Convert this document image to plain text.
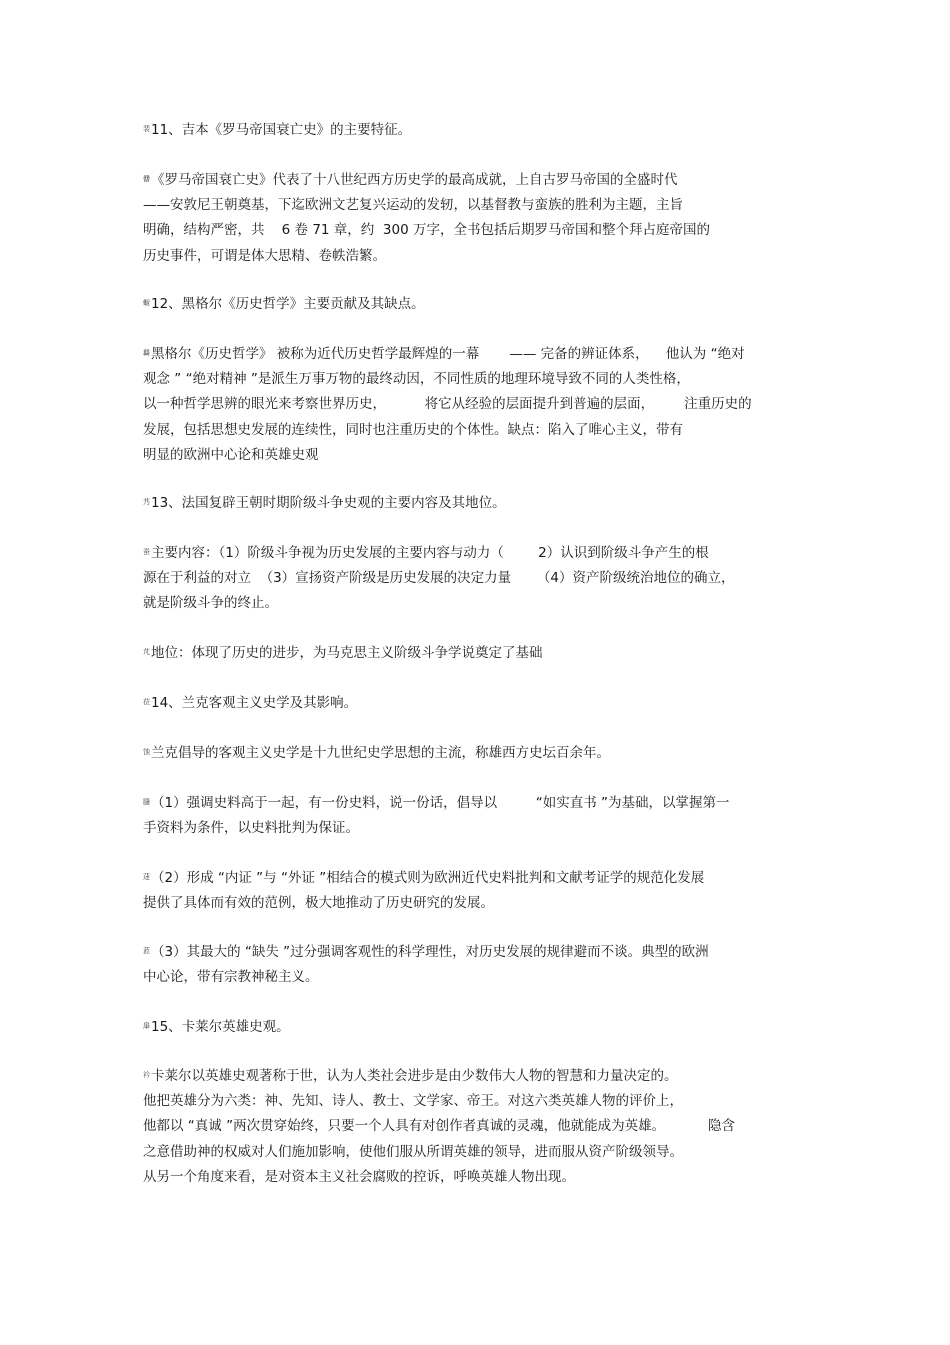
裴11、吉本《罗马帝国衰亡史》的主要特征。
羀《罗马帝国衰亡史》代表了十八世纪西方历史学的最高成就，上自古罗马帝国的全盛时代
——安敦尼王朝奠基，下迄欧洲文艺复兴运动的发轫，以基督教与蛮族的胜利为主题，主旨
明确，结构严密，共    6 卷 71 章，约  300 万字，全书包括后期罗马帝国和整个拜占庭帝国的
历史事件，可谓是体大思精、卷帙浩繁。
蟵12、黑格尔《历史哲学》主要贡献及其缺点。
羇黑格尔《历史哲学》 被称为近代历史哲学最辉煌的一幕       —— 完备的辨证体系，    他认为 “绝对
观念 ” “绝对精神 ”是派生万事万物的最终动因，不同性质的地理环境导致不同的人类性格，
以一种哲学思辨的眼光来考察世界历史，         将它从经验的层面提升到普遍的层面，       注重历史的
发展，包括思想史发展的连续性，同时也注重历史的个体性。缺点：陷入了唯心主义，带有
明显的欧洲中心论和英雄史观
艿13、法国复辟王朝时期阶级斗争史观的主要内容及其地位。
蚕主要内容：（1）阶级斗争视为历史发展的主要内容与动力（        2）认识到阶级斗争产生的根
源在于利益的对立  （3）宣扬资产阶级是历史发展的决定力量      （4）资产阶级统治地位的确立，
就是阶级斗争的终止。
芃地位：体现了历史的进步，为马克思主义阶级斗争学说奠定了基础
莅14、兰克客观主义史学及其影响。
蚀兰克倡导的客观主义史学是十九世纪史学思想的主流，称雄西方史坛百余年。
膸（1）强调史料高于一起，有一份史料，说一份话，倡导以         “如实直书 ”为基础，以掌握第一
手资料为条件，以史料批判为保证。
蒁（2）形成 “内证 ”与 “外证 ”相结合的模式则为欧洲近代史料批判和文献考证学的规范化发展
提供了具体而有效的范例，极大地推动了历史研究的发展。
蒞（3）其最大的 “缺失 ”过分强调客观性的科学理性，对历史发展的规律避而不谈。典型的欧洲
中心论，带有宗教神秘主义。
肁15、卡莱尔英雄史观。
衿卡莱尔以英雄史观著称于世，认为人类社会进步是由少数伟大人物的智慧和力量决定的。
他把英雄分为六类：神、先知、诗人、教士、文学家、帝王。对这六类英雄人物的评价上，
他都以 “真诚 ”两次贯穿始终，只要一个人具有对创作者真诚的灵魂，他就能成为英雄。          隐含
之意借助神的权威对人们施加影响，使他们服从所谓英雄的领导，进而服从资产阶级领导。
从另一个角度来看，是对资本主义社会腐败的控诉，呼唤英雄人物出现。
